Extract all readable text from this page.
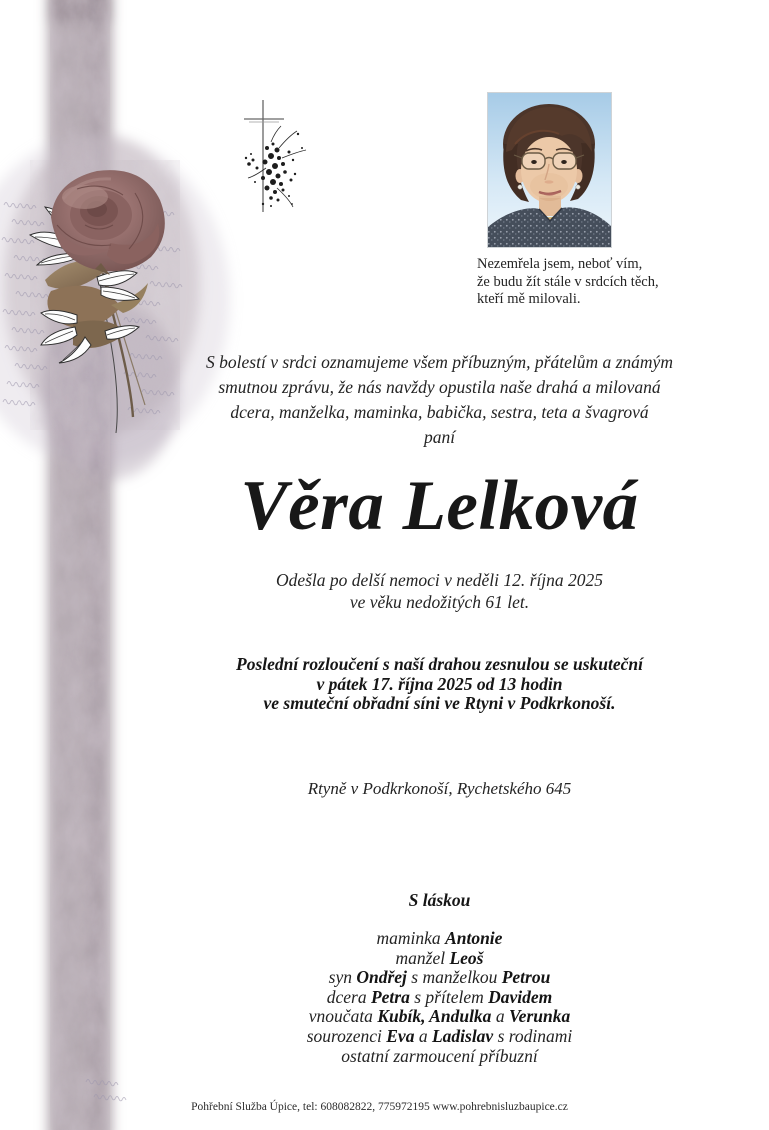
Nezemřela jsem, neboť vím,
že budu žít stále v srdcích těch,
kteří mě milovali.
S bolestí v srdci oznamujeme všem příbuzným, přátelům a známým
smutnou zprávu, že nás navždy opustila naše drahá a milovaná
dcera, manželka, maminka, babička, sestra, teta a švagrová
paní
Věra Lelková
Odešla po delší nemoci v neděli 12. října 2025
ve věku nedožitých 61 let.
Poslední rozloučení s naší drahou zesnulou se uskuteční
v pátek 17. října 2025 od 13 hodin
ve smuteční obřadní síni ve Rtyni v Podkrkonoší.
Rtyně v Podkrkonoší, Rychetského 645
S láskou
maminka Antonie
manžel Leoš
syn Ondřej s manželkou Petrou
dcera Petra s přítelem Davidem
vnoučata Kubík, Andulka a Verunka
sourozenci Eva a Ladislav s rodinami
ostatní zarmoucení příbuzní
Pohřební Služba Úpice, tel: 608082822, 775972195 www.pohrebnisluzbaupice.cz
